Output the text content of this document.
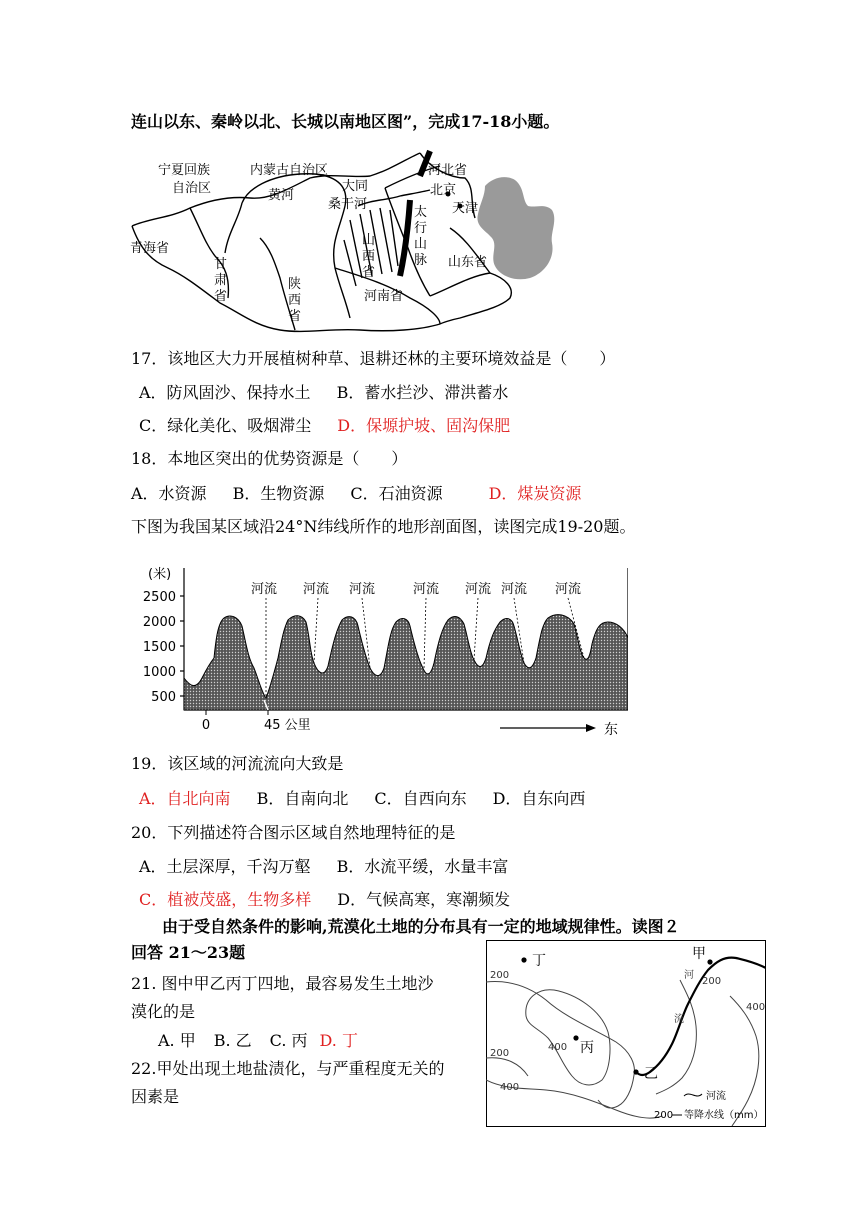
连山以东、秦岭以北、长城以南地区图”，完成17-18小题。
宁夏回族
自治区
内蒙古自治区
黄河
大同
河北省
北京
天津
桑干河
青海省
山东省
河南省
太
行
山
脉
山
西
省
甘
肃
省
陕
西
省
17．该地区大力开展植树种草、退耕还林的主要环境效益是（　　）
A．防风固沙、保持水土 B．蓄水拦沙、滞洪蓄水
C．绿化美化、吸烟滞尘 D．保塬护坡、固沟保肥
18．本地区突出的优势资源是（　　）
A．水资源 B．生物资源 C．石油资源	D．煤炭资源
下图为我国某区域沿24°N纬线所作的地形剖面图，读图完成19-20题。
(米)
2500
2000
1500
1000
500
河流 河流 河流	河流 河流 河流 河流
0	45 公里	东
19．该区域的河流流向大致是
A．自北向南 B．自南向北 C．自西向东 D．自东向西
20．下列描述符合图示区域自然地理特征的是
A．土层深厚，千沟万壑 B．水流平缓，水量丰富
C．植被茂盛，生物多样 D．气候高寒，寒潮频发
由于受自然条件的影响,荒漠化土地的分布具有一定的地域规律性。读图２
回答 21～23题
21. 图中甲乙丙丁四地，最容易发生土地沙
漠化的是
A. 甲 B. 乙 C. 丙 D. 丁
22.甲处出现土地盐渍化，与严重程度无关的
因素是
丁	甲
丙
乙
河
流
200
200
200
400
400
400
河流
200 等降水线（mm）
